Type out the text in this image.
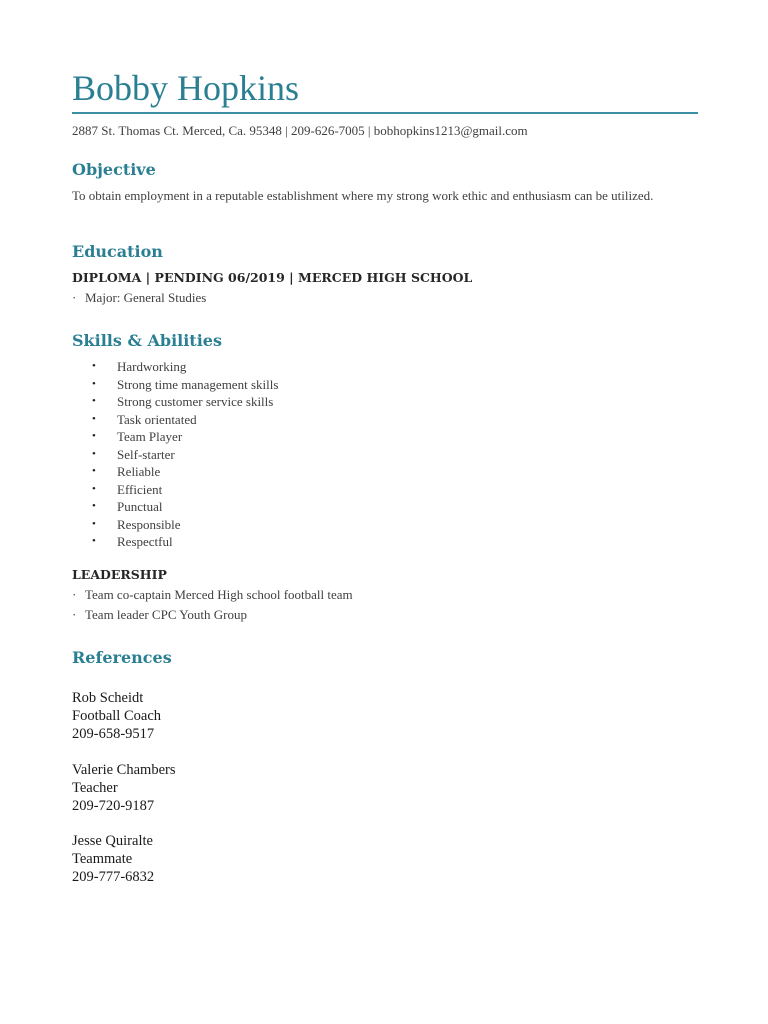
Bobby Hopkins
2887 St. Thomas Ct. Merced, Ca. 95348 | 209-626-7005 | bobhopkins1213@gmail.com
Objective
To obtain employment in a reputable establishment where my strong work ethic and enthusiasm can be utilized.
Education
DIPLOMA | PENDING 06/2019 | MERCED HIGH SCHOOL
· Major: General Studies
Skills & Abilities
• Hardworking
• Strong time management skills
• Strong customer service skills
• Task orientated
• Team Player
• Self-starter
• Reliable
• Efficient
• Punctual
• Responsible
• Respectful
LEADERSHIP
· Team co-captain Merced High school football team
· Team leader CPC Youth Group
References
Rob Scheidt
Football Coach
209-658-9517
Valerie Chambers
Teacher
209-720-9187
Jesse Quiralte
Teammate
209-777-6832
